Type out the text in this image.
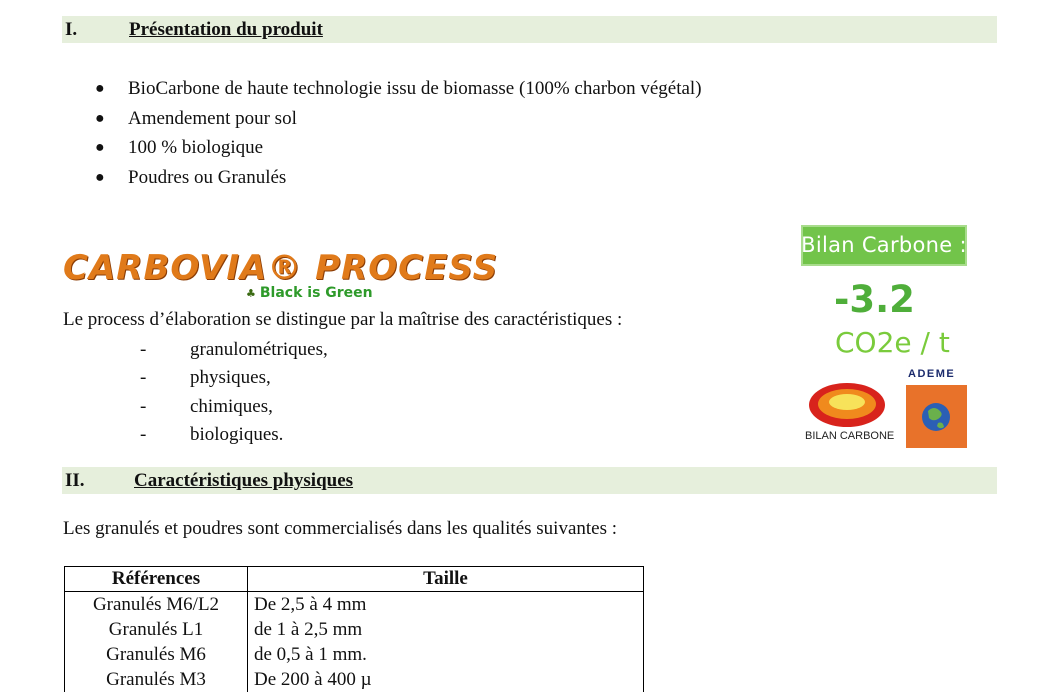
I.	Présentation du produit
● BioCarbone de haute technologie issu de biomasse (100% charbon végétal)
● Amendement pour sol
● 100 % biologique
● Poudres ou Granulés
CARBOVIA® PROCESS
♣ Black is Green
Le process d’élaboration se distingue par la maîtrise des caractéristiques :
- granulométriques,
- physiques,
- chimiques,
- biologiques.
Bilan Carbone :
-3.2
CO2e / t
BILAN CARBONE
ADEME
II.	Caractéristiques physiques
Les granulés et poudres sont commercialisés dans les qualités suivantes :
Références	Taille
Granulés M6/L2	De 2,5 à 4 mm
Granulés L1	de 1 à 2,5 mm
Granulés M6	de 0,5 à 1 mm.
Granulés M3	De 200 à 400 µ
